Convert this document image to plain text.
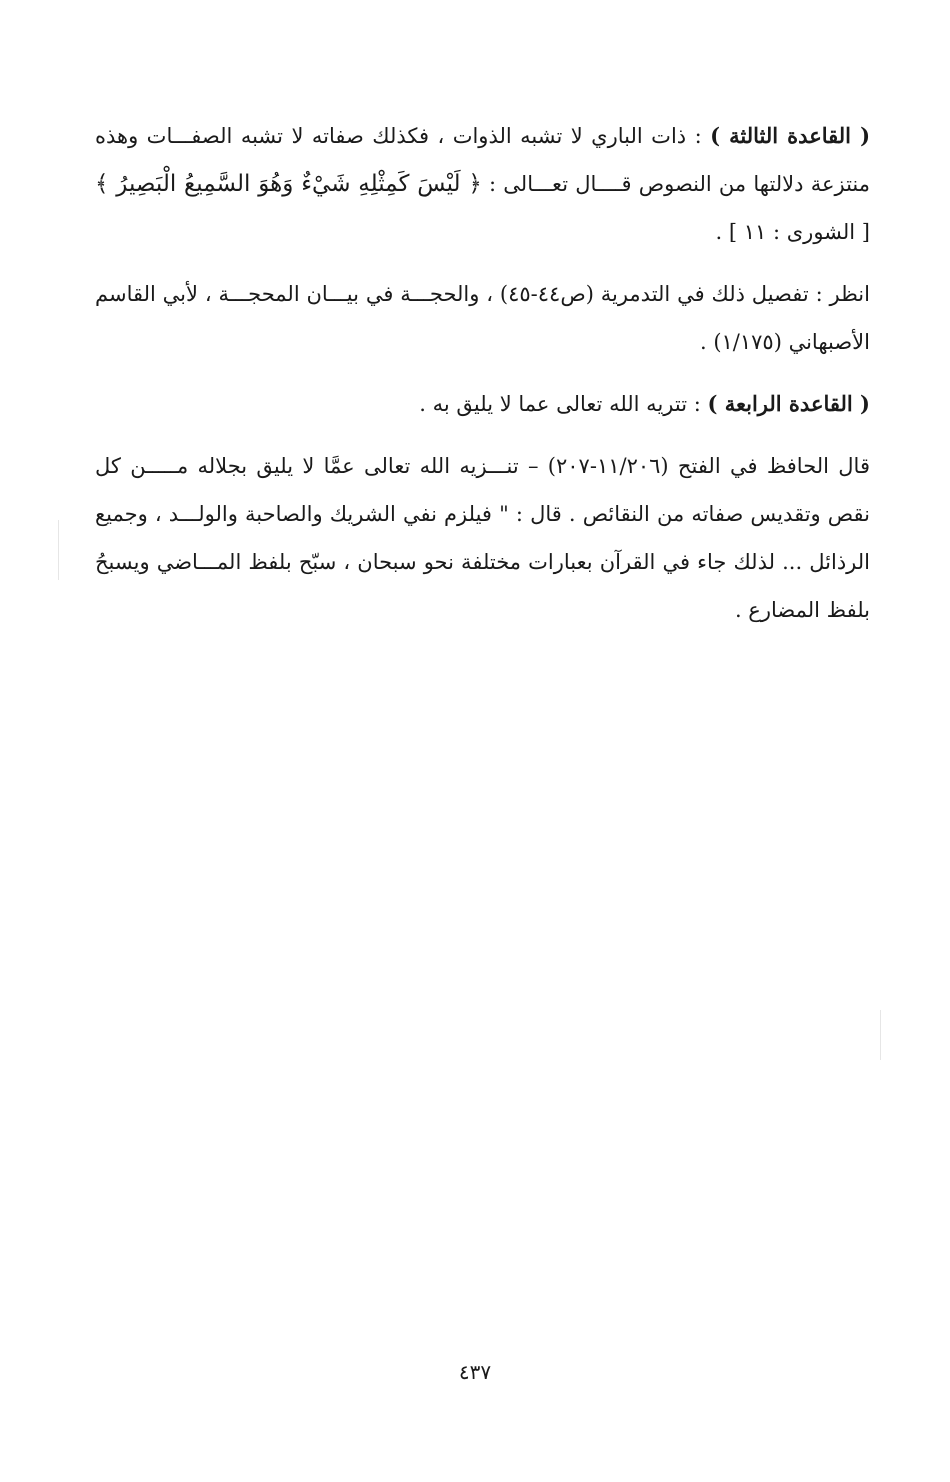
( القاعدة الثالثة ) : ذات الباري لا تشبه الذوات ، فكذلك صفاته لا تشبه الصفـــات وهذه منتزعة دلالتها من النصوص قــــال تعـــالى : ﴿ لَيْسَ كَمِثْلِهِ شَيْءٌ وَهُوَ السَّمِيعُ الْبَصِيرُ ﴾ [ الشورى : ١١ ] .

انظر : تفصيل ذلك في التدمرية (ص٤٤-٤٥) ، والحجـــة في بيـــان المحجـــة ، لأبي القاسم الأصبهاني (١/١٧٥) .

( القاعدة الرابعة ) : تتريه الله تعالى عما لا يليق به .

قال الحافظ في الفتح (١١/٢٠٦-٢٠٧) – تنـــزيه الله تعالى عمَّا لا يليق بجلاله مـــــن كل نقص وتقديس صفاته من النقائص . قال : " فيلزم نفي الشريك والصاحبة والولـــد ، وجميع الرذائل ... لذلك جاء في القرآن بعبارات مختلفة نحو سبحان ، سبّح بلفظ المـــاضي ويسبحُ بلفظ المضارع .

٤٣٧
